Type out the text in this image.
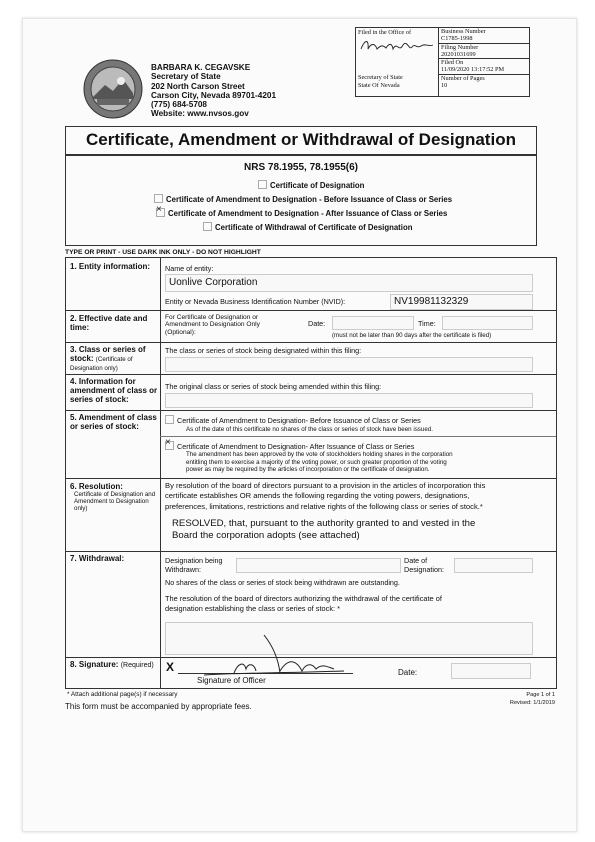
BARBARA K. CEGAVSKE
Secretary of State
202 North Carson Street
Carson City, Nevada 89701-4201
(775) 684-5708
Website: www.nvsos.gov
Filed in the Office of
Secretary of State
State Of Nevada
Business Number
C1785-1998
Filing Number
20201031699
Filed On
11/09/2020 13:17:52 PM
Number of Pages
10
Certificate, Amendment or Withdrawal of Designation
NRS 78.1955, 78.1955(6)
Certificate of Designation
Certificate of Amendment to Designation - Before Issuance of Class or Series
×Certificate of Amendment to Designation - After Issuance of Class or Series
Certificate of Withdrawal of Certificate of Designation
TYPE OR PRINT - USE DARK INK ONLY - DO NOT HIGHLIGHT
1. Entity information: Name of entity:
Uonlive Corporation
Entity or Nevada Business Identification Number (NVID):	NV19981132329
2. Effective date and time:
For Certificate of Designation or Amendment to Designation Only (Optional):
Date:	Time:
(must not be later than 90 days after the certificate is filed)
3. Class or series of stock: (Certificate of Designation only)
The class or series of stock being designated within this filing:
4. Information for amendment of class or series of stock:
The original class or series of stock being amended within this filing:
5. Amendment of class or series of stock:
Certificate of Amendment to Designation- Before Issuance of Class or Series
As of the date of this certificate no shares of the class or series of stock have been issued.
×Certificate of Amendment to Designation- After Issuance of Class or Series
The amendment has been approved by the vote of stockholders holding shares in the corporation
entitling them to exercise a majority of the voting power, or such greater proportion of the voting
power as may be required by the articles of incorporation or the certificate of designation.
6. Resolution:
Certificate of Designation and Amendment to Designation only)
By resolution of the board of directors pursuant to a provision in the articles of incorporation this
certificate establishes OR amends the following regarding the voting powers, designations,
preferences, limitations, restrictions and relative rights of the following class or series of stock.*
RESOLVED, that, pursuant to the authority granted to and vested in the
Board the corporation adopts (see attached)
7. Withdrawal:	Designation being Withdrawn:
Date of Designation:
No shares of the class or series of stock being withdrawn are outstanding.
The resolution of the board of directors authorizing the withdrawal of the certificate of
designation establishing the class or series of stock: *
8. Signature: (Required) X
Signature of Officer
Date:
* Attach additional page(s) if necessary
This form must be accompanied by appropriate fees.
Page 1 of 1
Revised: 1/1/2019
